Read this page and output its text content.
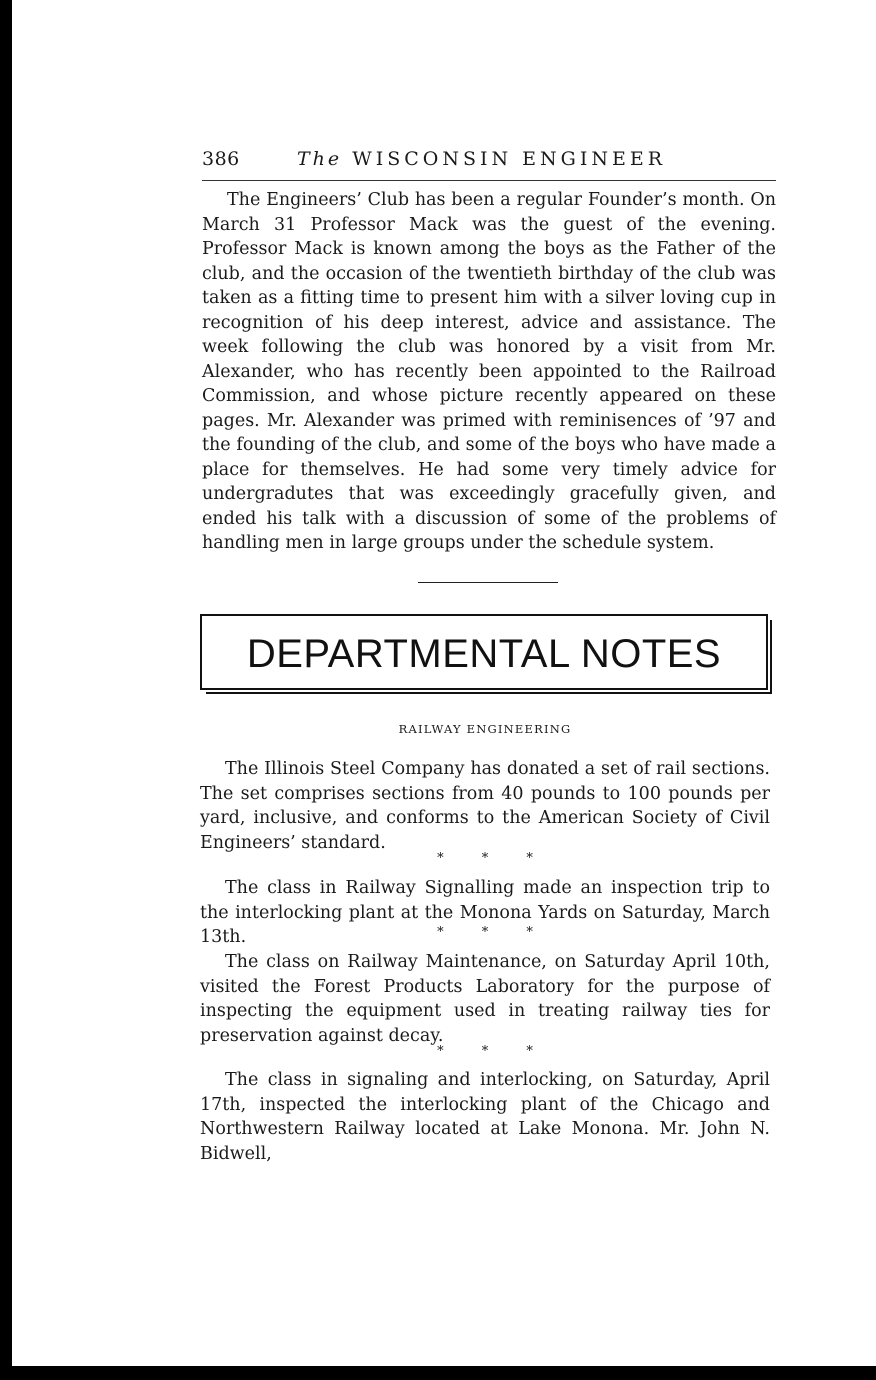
386	The WISCONSIN ENGINEER

The Engineers’ Club has been a regular Founder’s month. On March 31 Professor Mack was the guest of the evening. Professor Mack is known among the boys as the Father of the club, and the occasion of the twentieth birthday of the club was taken as a fitting time to present him with a silver loving cup in recognition of his deep interest, advice and assistance. The week following the club was honored by a visit from Mr. Alexander, who has recently been appointed to the Railroad Commission, and whose picture recently appeared on these pages. Mr. Alexander was primed with reminisences of ’97 and the founding of the club, and some of the boys who have made a place for themselves. He had some very timely advice for undergradutes that was exceedingly gracefully given, and ended his talk with a discussion of some of the problems of handling men in large groups under the schedule system.

DEPARTMENTAL NOTES
RAILWAY ENGINEERING

The Illinois Steel Company has donated a set of rail sections. The set comprises sections from 40 pounds to 100 pounds per yard, inclusive, and conforms to the American Society of Civil Engineers’ standard.

* * *

The class in Railway Signalling made an inspection trip to the interlocking plant at the Monona Yards on Saturday, March 13th.	* * *

The class on Railway Maintenance, on Saturday April 10th, visited the Forest Products Laboratory for the purpose of inspecting the equipment used in treating railway ties for preservation against decay.

* * *

The class in signaling and interlocking, on Saturday, April 17th, inspected the interlocking plant of the Chicago and Northwestern Railway located at Lake Monona. Mr. John N. Bidwell,
